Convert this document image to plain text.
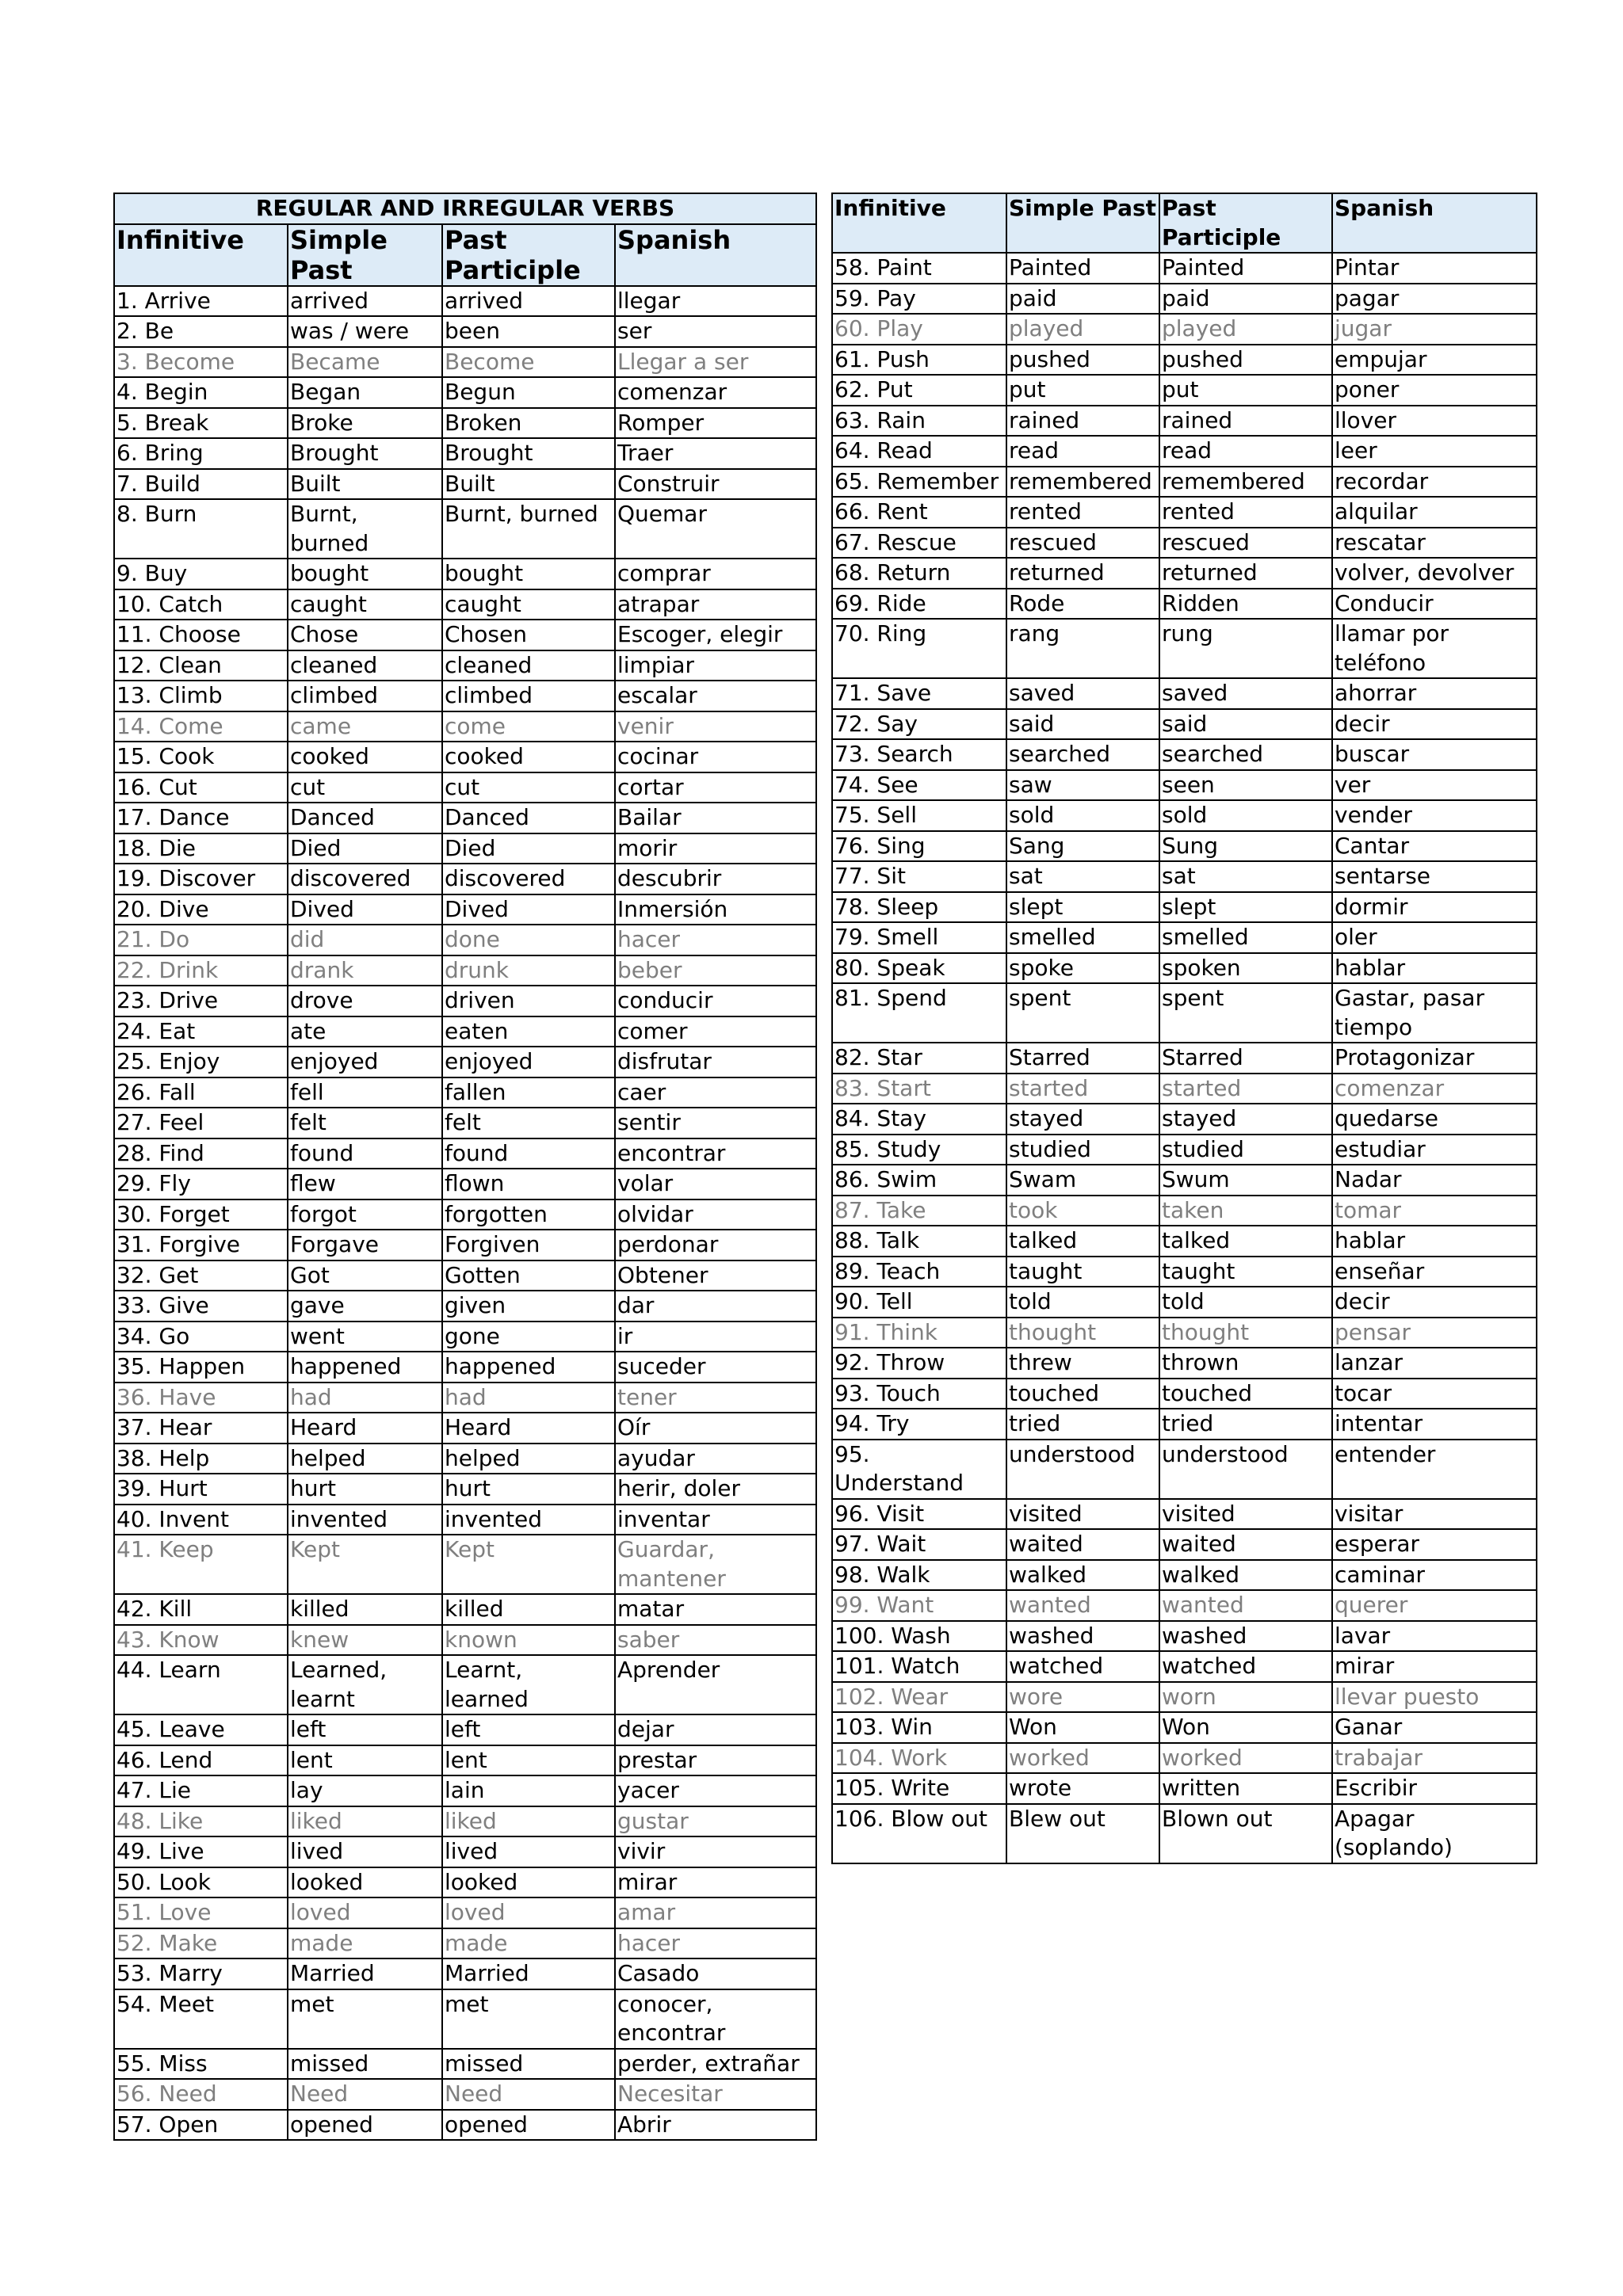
REGULAR AND IRREGULAR VERBS			
Infinitive	Simple Past	Past Participle	Spanish
1. Arrive	arrived	arrived	llegar
2. Be	was / were	been	ser
3. Become	Became	Become	Llegar a ser
4. Begin	Began	Begun	comenzar
5. Break	Broke	Broken	Romper
6. Bring	Brought	Brought	Traer
7. Build	Built	Built	Construir
8. Burn	Burnt, burned	Burnt, burned	Quemar
9. Buy	bought	bought	comprar
10. Catch	caught	caught	atrapar
11. Choose	Chose	Chosen	Escoger, elegir
12. Clean	cleaned	cleaned	limpiar
13. Climb	climbed	climbed	escalar
14. Come	came	come	venir
15. Cook	cooked	cooked	cocinar
16. Cut	cut	cut	cortar
17. Dance	Danced	Danced	Bailar
18. Die	Died	Died	morir
19. Discover	discovered	discovered	descubrir
20. Dive	Dived	Dived	Inmersión
21. Do	did	done	hacer
22. Drink	drank	drunk	beber
23. Drive	drove	driven	conducir
24. Eat	ate	eaten	comer
25. Enjoy	enjoyed	enjoyed	disfrutar
26. Fall	fell	fallen	caer
27. Feel	felt	felt	sentir
28. Find	found	found	encontrar
29. Fly	flew	flown	volar
30. Forget	forgot	forgotten	olvidar
31. Forgive	Forgave	Forgiven	perdonar
32. Get	Got	Gotten	Obtener
33. Give	gave	given	dar
34. Go	went	gone	ir
35. Happen	happened	happened	suceder
36. Have	had	had	tener
37. Hear	Heard	Heard	Oír
38. Help	helped	helped	ayudar
39. Hurt	hurt	hurt	herir, doler
40. Invent	invented	invented	inventar
41. Keep	Kept	Kept	Guardar, mantener
42. Kill	killed	killed	matar
43. Know	knew	known	saber
44. Learn	Learned, learnt	Learnt, learned	Aprender
45. Leave	left	left	dejar
46. Lend	lent	lent	prestar
47. Lie	lay	lain	yacer
48. Like	liked	liked	gustar
49. Live	lived	lived	vivir
50. Look	looked	looked	mirar
51. Love	loved	loved	amar
52. Make	made	made	hacer
53. Marry	Married	Married	Casado
54. Meet	met	met	conocer, encontrar
55. Miss	missed	missed	perder, extrañar
56. Need	Need	Need	Necesitar
57. Open	opened	opened	Abrir
Infinitive	Simple Past	Past Participle	Spanish
58. Paint	Painted	Painted	Pintar
59. Pay	paid	paid	pagar
60. Play	played	played	jugar
61. Push	pushed	pushed	empujar
62. Put	put	put	poner
63. Rain	rained	rained	llover
64. Read	read	read	leer
65. Remember	remembered	remembered	recordar
66. Rent	rented	rented	alquilar
67. Rescue	rescued	rescued	rescatar
68. Return	returned	returned	volver, devolver
69. Ride	Rode	Ridden	Conducir
70. Ring	rang	rung	llamar por teléfono
71. Save	saved	saved	ahorrar
72. Say	said	said	decir
73. Search	searched	searched	buscar
74. See	saw	seen	ver
75. Sell	sold	sold	vender
76. Sing	Sang	Sung	Cantar
77. Sit	sat	sat	sentarse
78. Sleep	slept	slept	dormir
79. Smell	smelled	smelled	oler
80. Speak	spoke	spoken	hablar
81. Spend	spent	spent	Gastar, pasar tiempo
82. Star	Starred	Starred	Protagonizar
83. Start	started	started	comenzar
84. Stay	stayed	stayed	quedarse
85. Study	studied	studied	estudiar
86. Swim	Swam	Swum	Nadar
87. Take	took	taken	tomar
88. Talk	talked	talked	hablar
89. Teach	taught	taught	enseñar
90. Tell	told	told	decir
91. Think	thought	thought	pensar
92. Throw	threw	thrown	lanzar
93. Touch	touched	touched	tocar
94. Try	tried	tried	intentar
95. Understand	understood	understood	entender
96. Visit	visited	visited	visitar
97. Wait	waited	waited	esperar
98. Walk	walked	walked	caminar
99. Want	wanted	wanted	querer
100. Wash	washed	washed	lavar
101. Watch	watched	watched	mirar
102. Wear	wore	worn	llevar puesto
103. Win	Won	Won	Ganar
104. Work	worked	worked	trabajar
105. Write	wrote	written	Escribir
106. Blow out	Blew out	Blown out	Apagar (soplando)
